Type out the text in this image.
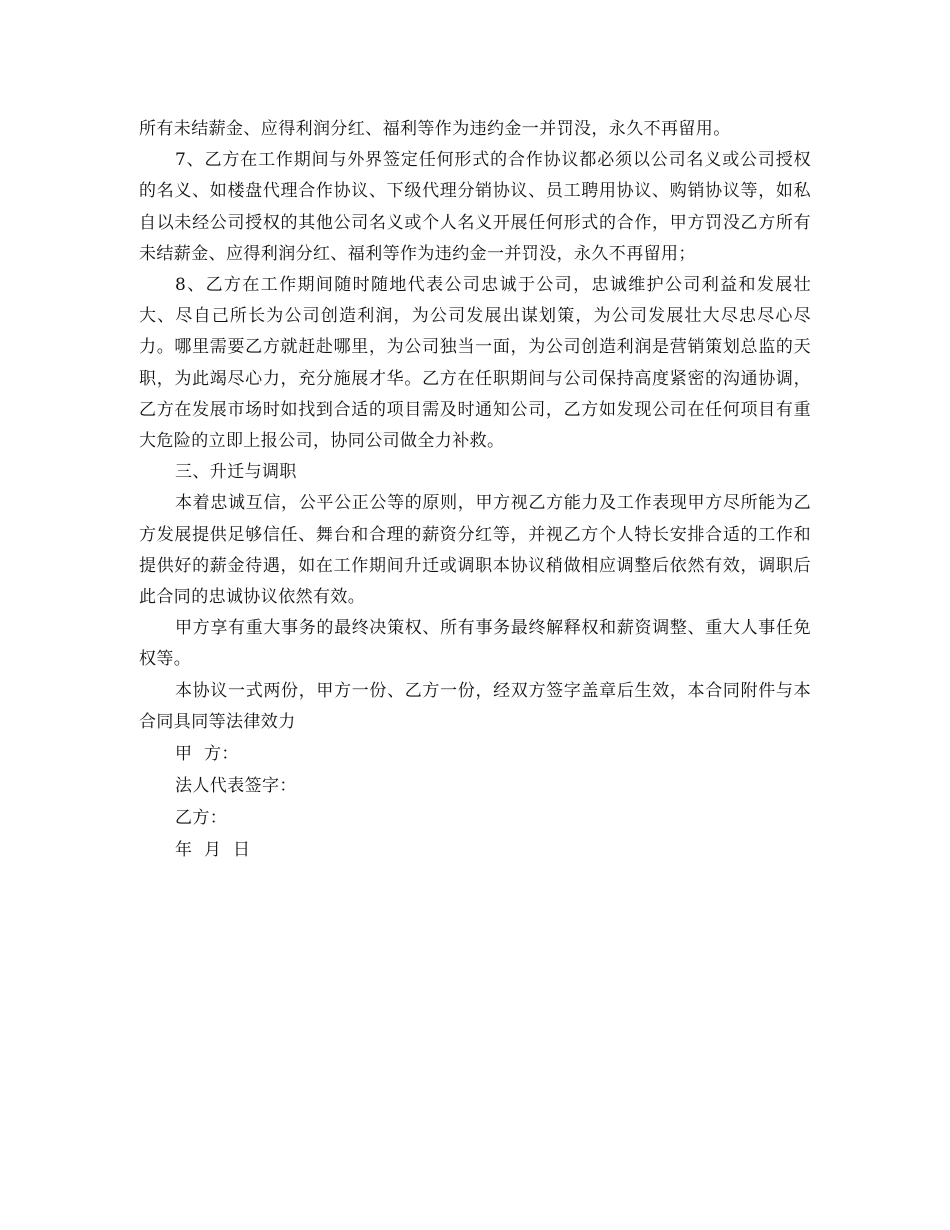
所有未结薪金、应得利润分红、福利等作为违约金一并罚没，永久不再留用。

7、乙方在工作期间与外界签定任何形式的合作协议都必须以公司名义或公司授权的名义、如楼盘代理合作协议、下级代理分销协议、员工聘用协议、购销协议等，如私自以未经公司授权的其他公司名义或个人名义开展任何形式的合作，甲方罚没乙方所有未结薪金、应得利润分红、福利等作为违约金一并罚没，永久不再留用；

8、乙方在工作期间随时随地代表公司忠诚于公司，忠诚维护公司利益和发展壮大、尽自己所长为公司创造利润，为公司发展出谋划策，为公司发展壮大尽忠尽心尽力。哪里需要乙方就赶赴哪里，为公司独当一面，为公司创造利润是营销策划总监的天职，为此竭尽心力，充分施展才华。乙方在任职期间与公司保持高度紧密的沟通协调，乙方在发展市场时如找到合适的项目需及时通知公司，乙方如发现公司在任何项目有重大危险的立即上报公司，协同公司做全力补救。

三、升迁与调职

本着忠诚互信，公平公正公等的原则，甲方视乙方能力及工作表现甲方尽所能为乙方发展提供足够信任、舞台和合理的薪资分红等，并视乙方个人特长安排合适的工作和提供好的薪金待遇，如在工作期间升迁或调职本协议稍做相应调整后依然有效，调职后此合同的忠诚协议依然有效。

甲方享有重大事务的最终决策权、所有事务最终解释权和薪资调整、重大人事任免权等。

本协议一式两份，甲方一份、乙方一份，经双方签字盖章后生效，本合同附件与本合同具同等法律效力

甲  方：

法人代表签字：

乙方：

年  月  日
